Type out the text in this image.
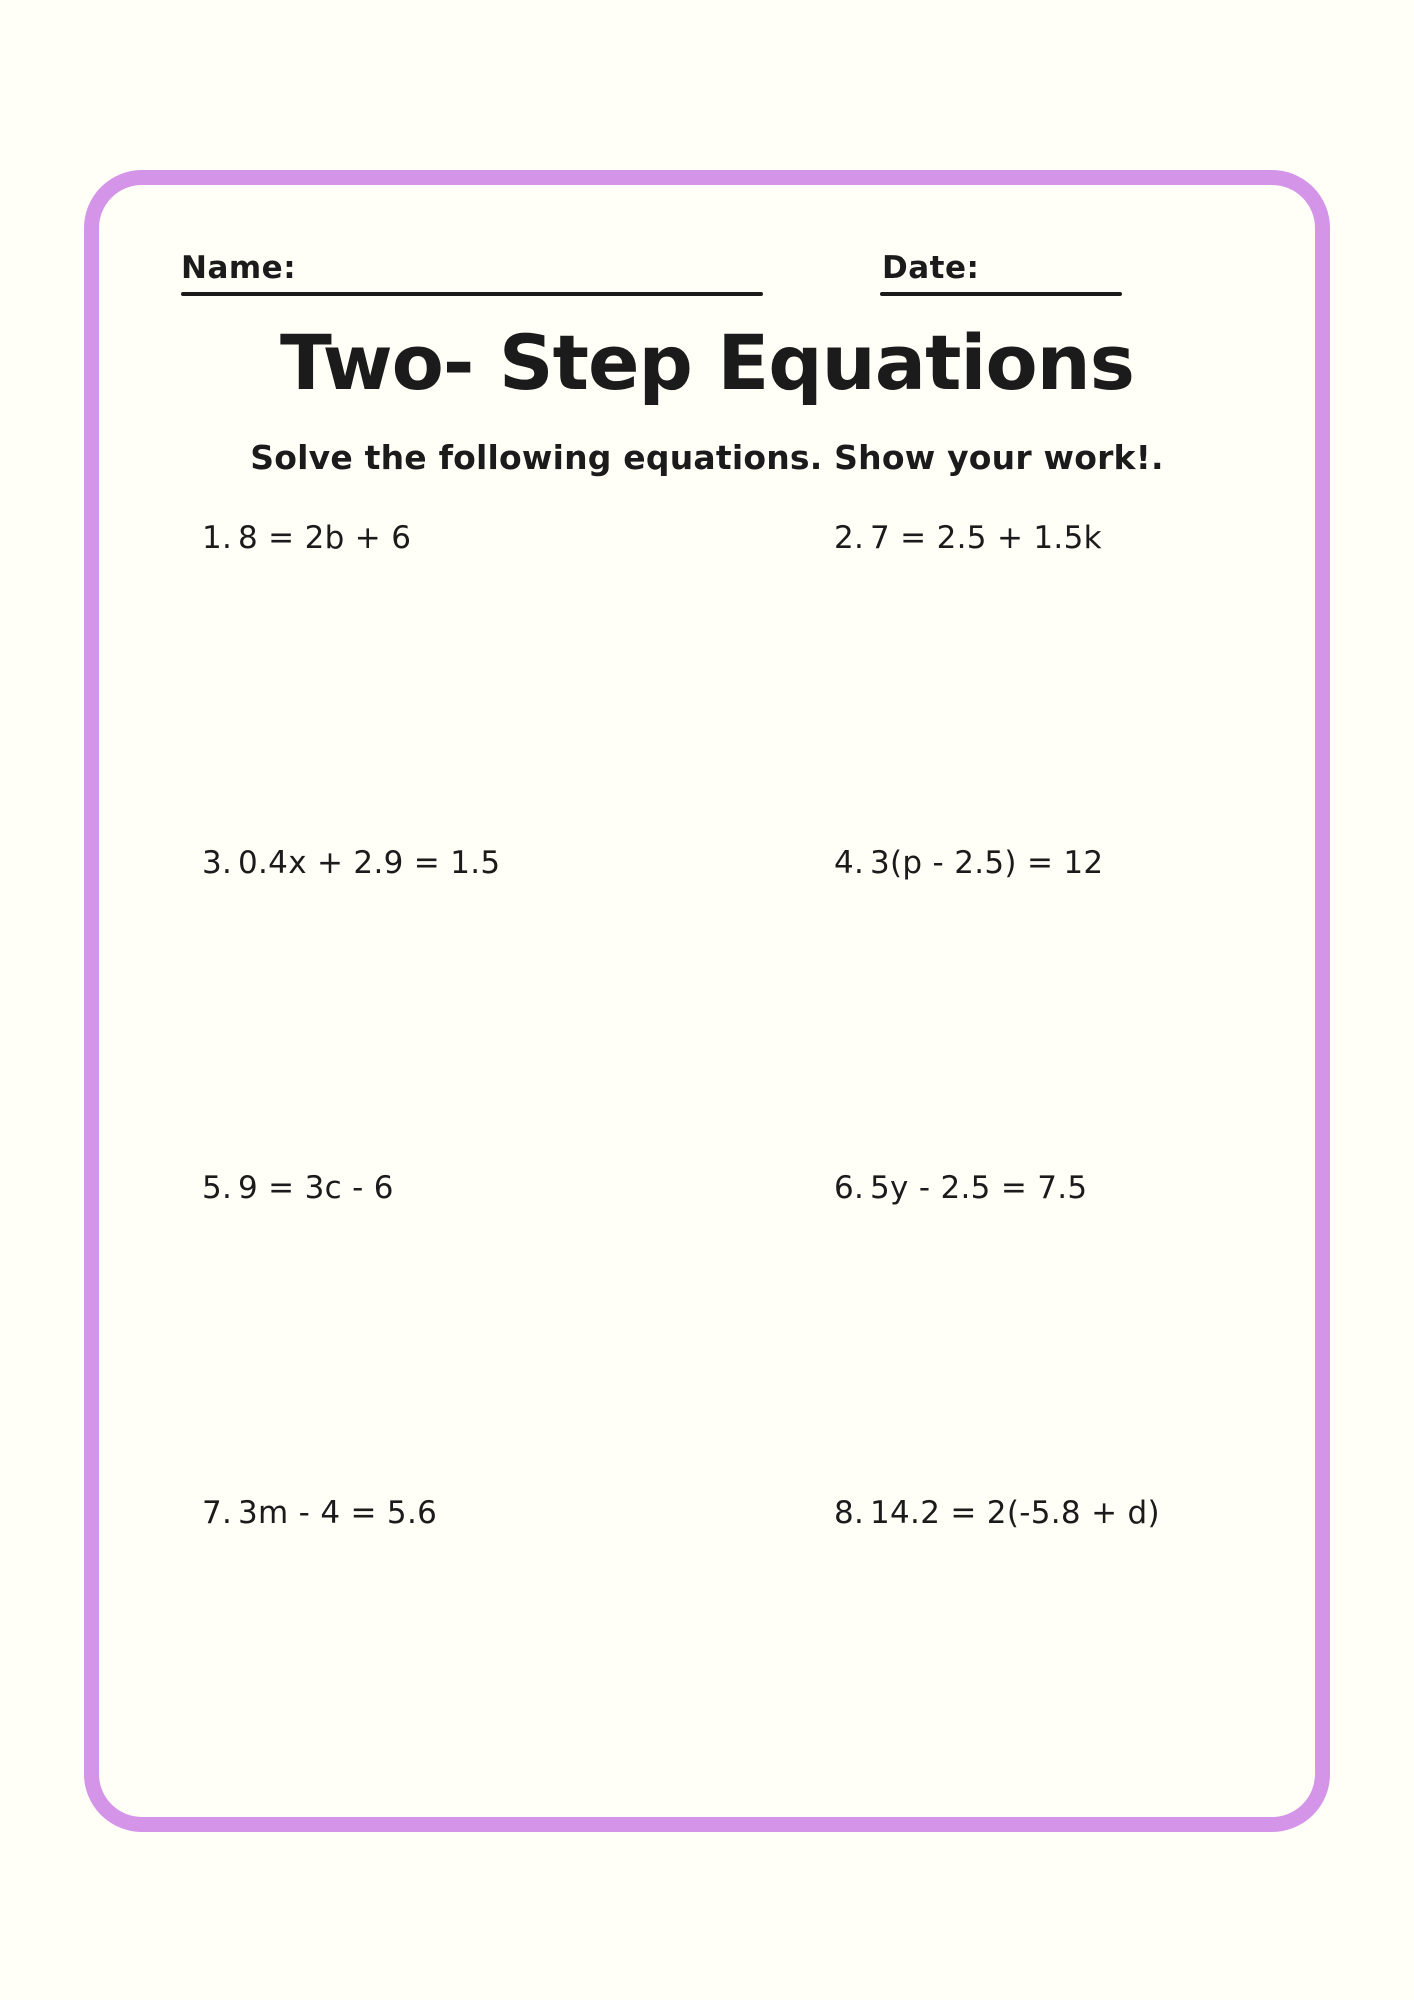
Name:	Date:
Two- Step Equations
Solve the following equations. Show your work!.
1. 8 = 2b + 6	2. 7 = 2.5 + 1.5k
3. 0.4x + 2.9 = 1.5	4. 3(p - 2.5) = 12
5. 9 = 3c - 6	6. 5y - 2.5 = 7.5
7. 3m - 4 = 5.6	8. 14.2 = 2(-5.8 + d)
